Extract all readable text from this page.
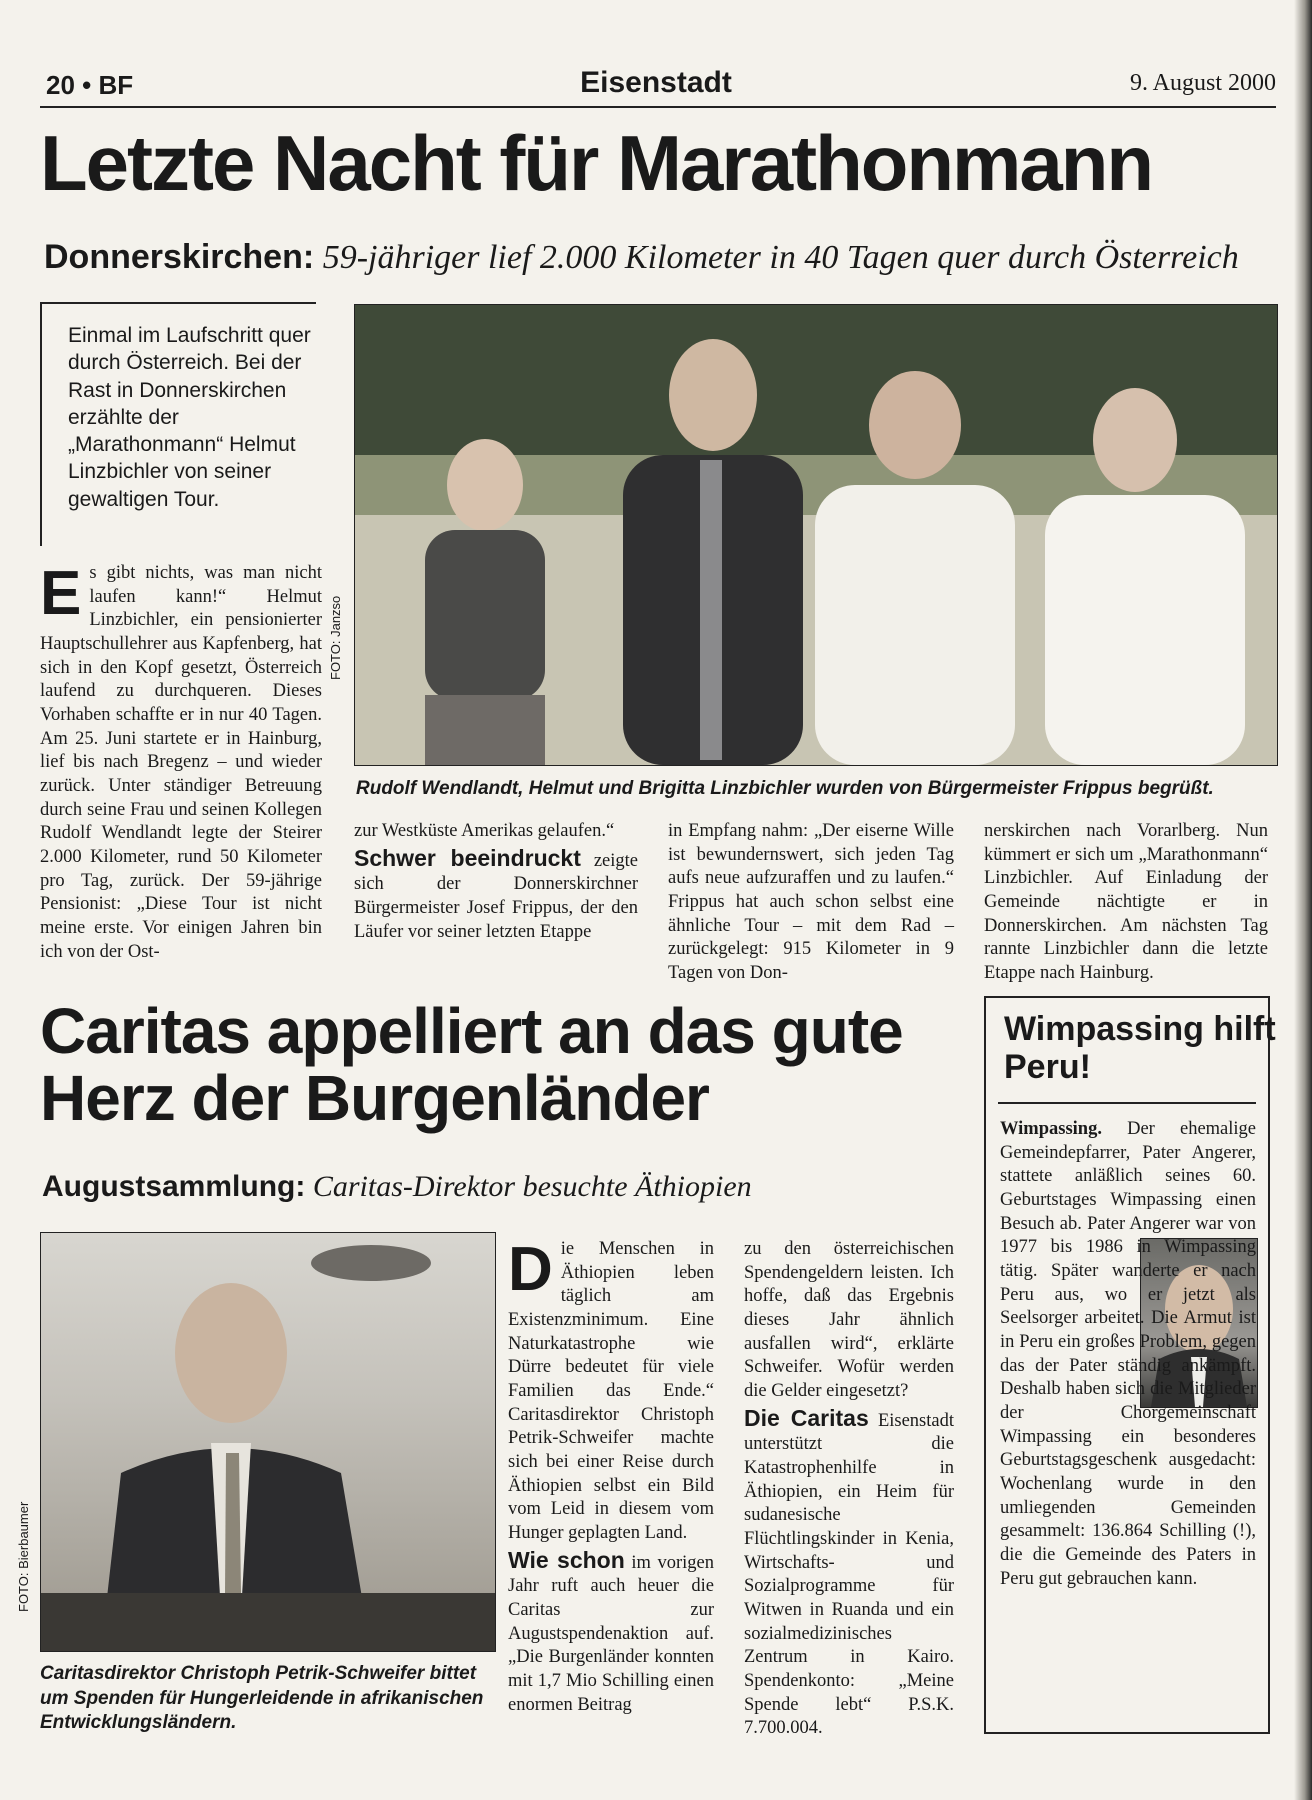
20 • BF	Eisenstadt	9. August 2000
Letzte Nacht für Marathonmann
Donnerskirchen: 59-jähriger lief 2.000 Kilometer in 40 Tagen quer durch Österreich
Einmal im Laufschritt quer durch Österreich. Bei der Rast in Donnerskirchen erzählte der „Marathonmann“ Helmut Linzbichler von seiner gewaltigen Tour.
Es gibt nichts, was man nicht laufen kann!“ Helmut Linzbichler, ein pensionierter Hauptschullehrer aus Kapfenberg, hat sich in den Kopf gesetzt, Österreich laufend zu durchqueren. Dieses Vorhaben schaffte er in nur 40 Tagen. Am 25. Juni startete er in Hainburg, lief bis nach Bregenz – und wieder zurück. Unter ständiger Betreuung durch seine Frau und seinen Kollegen Rudolf Wendlandt legte der Steirer 2.000 Kilometer, rund 50 Kilometer pro Tag, zurück. Der 59-jährige Pensionist: „Diese Tour ist nicht meine erste. Vor einigen Jahren bin ich von der Ost-
FOTO: Janzso
Rudolf Wendlandt, Helmut und Brigitta Linzbichler wurden von Bürgermeister Frippus begrüßt.
zur Westküste Amerikas gelaufen.“
Schwer beeindruckt zeigte sich der Donnerskirchner Bürgermeister Josef Frippus, der den Läufer vor seiner letzten Etappe
in Empfang nahm: „Der eiserne Wille ist bewundernswert, sich jeden Tag aufs neue aufzuraffen und zu laufen.“ Frippus hat auch schon selbst eine ähnliche Tour – mit dem Rad – zurückgelegt: 915 Kilometer in 9 Tagen von Don-
nerskirchen nach Vorarlberg. Nun kümmert er sich um „Marathonmann“ Linzbichler. Auf Einladung der Gemeinde nächtigte er in Donnerskirchen. Am nächsten Tag rannte Linzbichler dann die letzte Etappe nach Hainburg.
Caritas appelliert an das gute Herz der Burgenländer
Augustsammlung: Caritas-Direktor besuchte Äthiopien
FOTO: Bierbaumer
Caritasdirektor Christoph Petrik-Schweifer bittet um Spenden für Hungerleidende in afrikanischen Entwicklungsländern.
Die Menschen in Äthiopien leben täglich am Existenzminimum. Eine Naturkatastrophe wie Dürre bedeutet für viele Familien das Ende.“ Caritasdirektor Christoph Petrik-Schweifer machte sich bei einer Reise durch Äthiopien selbst ein Bild vom Leid in diesem vom Hunger geplagten Land.
Wie schon im vorigen Jahr ruft auch heuer die Caritas zur Augustspendenaktion auf. „Die Burgenländer konnten mit 1,7 Mio Schilling einen enormen Beitrag
zu den österreichischen Spendengeldern leisten. Ich hoffe, daß das Ergebnis dieses Jahr ähnlich ausfallen wird“, erklärte Schweifer. Wofür werden die Gelder eingesetzt?
Die Caritas Eisenstadt unterstützt die Katastrophenhilfe in Äthiopien, ein Heim für sudanesische Flüchtlingskinder in Kenia, Wirtschafts- und Sozialprogramme für Witwen in Ruanda und ein sozialmedizinisches Zentrum in Kairo. Spendenkonto: „Meine Spende lebt“ P.S.K. 7.700.004.
Wimpassing hilft Peru!
Wimpassing. Der ehemalige Gemeindepfarrer, Pater Angerer, stattete anläßlich seines 60. Geburtstages Wimpassing einen Besuch ab. Pater Angerer war von 1977 bis 1986 in Wimpassing tätig. Später wanderte er nach Peru aus, wo er jetzt als Seelsorger arbeitet. Die Armut ist in Peru ein großes Problem, gegen das der Pater ständig ankämpft. Deshalb haben sich die Mitglieder der Chorgemeinschaft Wimpassing ein besonderes Geburtstagsgeschenk ausgedacht: Wochenlang wurde in den umliegenden Gemeinden gesammelt: 136.864 Schilling (!), die die Gemeinde des Paters in Peru gut gebrauchen kann.
